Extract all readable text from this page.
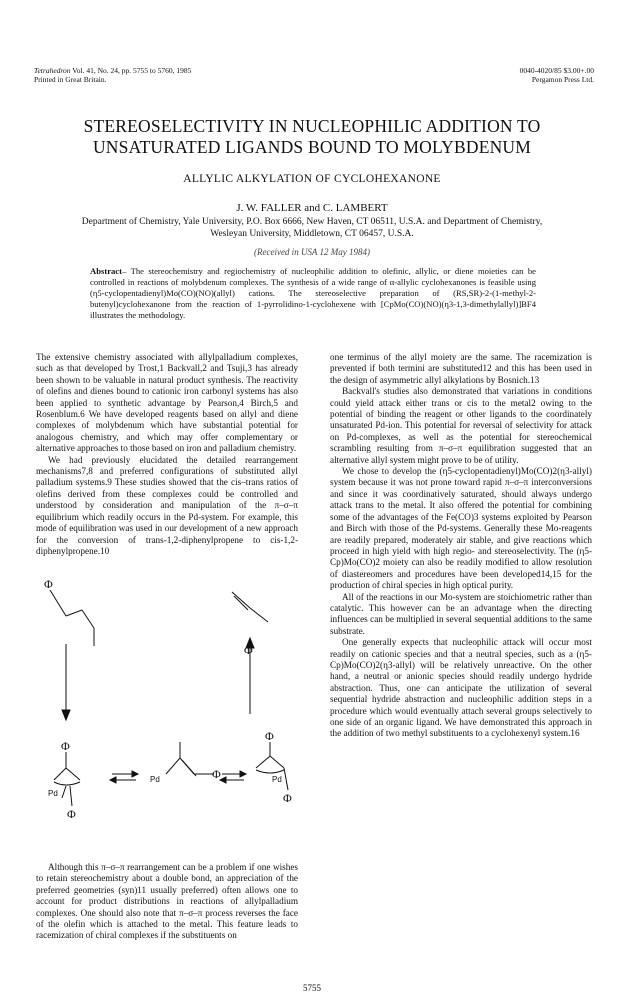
Tetrahedron Vol. 41, No. 24, pp. 5755 to 5760, 1985
Printed in Great Britain.
0040-4020/85 $3.00+.00
Pergamon Press Ltd.
STEREOSELECTIVITY IN NUCLEOPHILIC ADDITION TO UNSATURATED LIGANDS BOUND TO MOLYBDENUM
ALLYLIC ALKYLATION OF CYCLOHEXANONE
J. W. FALLER and C. LAMBERT
Department of Chemistry, Yale University, P.O. Box 6666, New Haven, CT 06511, U.S.A. and Department of Chemistry, Wesleyan University, Middletown, CT 06457, U.S.A.
(Received in USA 12 May 1984)
Abstract– The stereochemistry and regiochemistry of nucleophilic addition to olefinic, allylic, or diene moieties can be controlled in reactions of molybdenum complexes. The synthesis of a wide range of α-allylic cyclohexanones is feasible using (η5-cyclopentadienyl)Mo(CO)(NO)(allyl) cations. The stereoselective preparation of (RS,SR)-2-(1-methyl-2-butenyl)cyclohexanone from the reaction of 1-pyrrolidino-1-cyclohexene with [CpMo(CO)(NO)(η3-1,3-dimethylallyl)]BF4 illustrates the methodology.

The extensive chemistry associated with allylpalladium complexes, such as that developed by Trost,1 Backvall,2 and Tsuji,3 has already been shown to be valuable in natural product synthesis. The reactivity of olefins and dienes bound to cationic iron carbonyl systems has also been applied to synthetic advantage by Pearson,4 Birch,5 and Rosenblum.6 We have developed reagents based on allyl and diene complexes of molybdenum which have substantial potential for analogous chemistry, and which may offer complementary or alternative approaches to those based on iron and palladium chemistry.

We had previously elucidated the detailed rearrangement mechanisms7,8 and preferred configurations of substituted allyl palladium systems.9 These studies showed that the cis–trans ratios of olefins derived from these complexes could be controlled and understood by consideration and manipulation of the π–σ–π equilibrium which readily occurs in the Pd-system. For example, this mode of equilibration was used in our development of a new approach for the conversion of trans-1,2-diphenylpropene to cis-1,2-diphenylpropene.10

Φ
Φ
Φ
Φ
Φ
Φ
Φ
Pd
Pd	Pd

Although this π–σ–π rearrangement can be a problem if one wishes to retain stereochemistry about a double bond, an appreciation of the preferred geometries (syn)11 usually preferred) often allows one to account for product distributions in reactions of allylpalladium complexes. One should also note that π–σ–π process reverses the face of the olefin which is attached to the metal. This feature leads to racemization of chiral complexes if the substituents on

one terminus of the allyl moiety are the same. The racemization is prevented if both termini are substituted12 and this has been used in the design of asymmetric allyl alkylations by Bosnich.13

Backvall's studies also demonstrated that variations in conditions could yield attack either trans or cis to the metal2 owing to the potential of binding the reagent or other ligands to the coordinately unsaturated Pd-ion. This potential for reversal of selectivity for attack on Pd-complexes, as well as the potential for stereochemical scrambling resulting from π–σ–π equilibration suggested that an alternative allyl system might prove to be of utility.

We chose to develop the (η5-cyclopentadienyl)Mo(CO)2(η3-allyl) system because it was not prone toward rapid π–σ–π interconversions and since it was coordinatively saturated, should always undergo attack trans to the metal. It also offered the potential for combining some of the advantages of the Fe(CO)3 systems exploited by Pearson and Birch with those of the Pd-systems. Generally these Mo-reagents are readily prepared, moderately air stable, and give reactions which proceed in high yield with high regio- and stereoselectivity. The (η5-Cp)Mo(CO)2 moiety can also be readily modified to allow resolution of diastereomers and procedures have been developed14,15 for the production of chiral species in high optical purity.

All of the reactions in our Mo-system are stoichiometric rather than catalytic. This however can be an advantage when the directing influences can be multiplied in several sequential additions to the same substrate.

One generally expects that nucleophilic attack will occur most readily on cationic species and that a neutral species, such as a (η5-Cp)Mo(CO)2(η3-allyl) will be relatively unreactive. On the other hand, a neutral or anionic species should readily undergo hydride abstraction. Thus, one can anticipate the utilization of several sequential hydride abstraction and nucleophilic addition steps in a procedure which would eventually attach several groups selectively to one side of an organic ligand. We have demonstrated this approach in the addition of two methyl substituents to a cyclohexenyl system.16

5755
